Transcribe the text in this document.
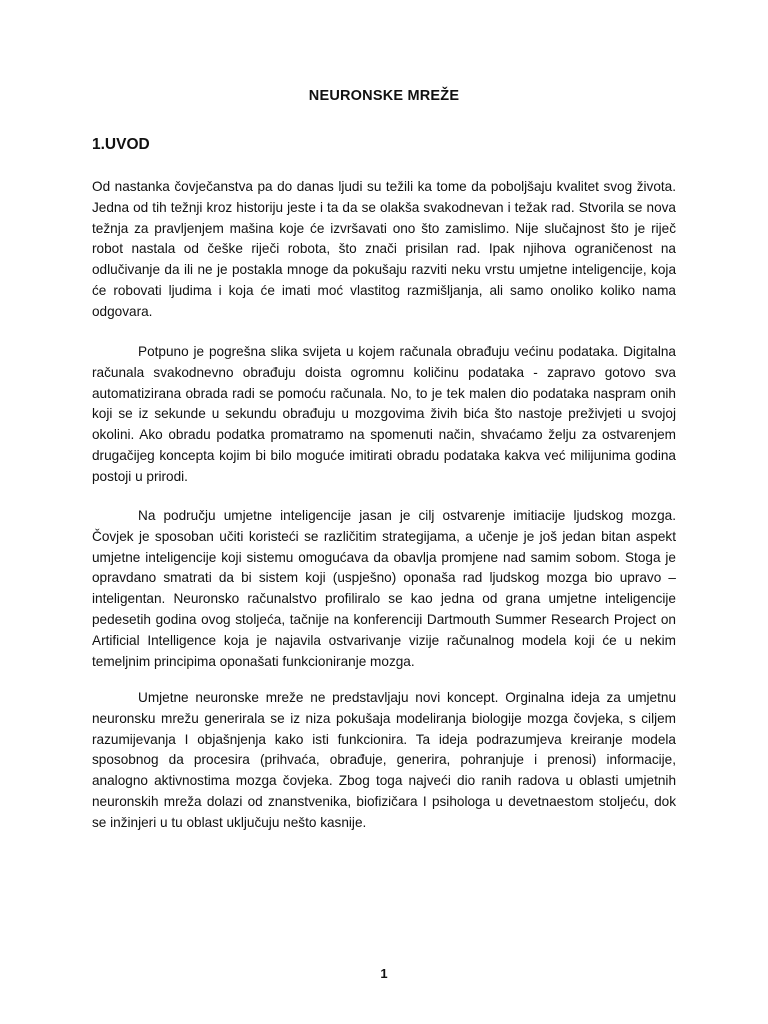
NEURONSKE MREŽE
1.UVOD

Od nastanka čovječanstva pa do danas ljudi su težili ka tome da poboljšaju kvalitet svog života. Jedna od tih težnji kroz historiju jeste i ta da se olakša svakodnevan i težak rad. Stvorila se nova težnja za pravljenjem mašina koje će izvršavati ono što zamislimo. Nije slučajnost što je riječ robot nastala od češke riječi robota, što znači prisilan rad. Ipak njihova ograničenost na odlučivanje da ili ne je postakla mnoge da pokušaju razviti neku vrstu umjetne inteligencije, koja će robovati ljudima i koja će imati moć vlastitog razmišljanja, ali samo onoliko koliko nama odgovara.

Potpuno je pogrešna slika svijeta u kojem računala obrađuju većinu podataka. Digitalna računala svakodnevno obrađuju doista ogromnu količinu podataka - zapravo gotovo sva automatizirana obrada radi se pomoću računala. No, to je tek malen dio podataka naspram onih koji se iz sekunde u sekundu obrađuju u mozgovima živih bića što nastoje preživjeti u svojoj okolini. Ako obradu podatka promatramo na spomenuti način, shvaćamo želju za ostvarenjem drugačijeg koncepta kojim bi bilo moguće imitirati obradu podataka kakva već milijunima godina postoji u prirodi.

Na području umjetne inteligencije jasan je cilj ostvarenje imitiacije ljudskog mozga. Čovjek je sposoban učiti koristeći se različitim strategijama, a učenje je još jedan bitan aspekt umjetne inteligencije koji sistemu omogućava da obavlja promjene nad samim sobom. Stoga je opravdano smatrati da bi sistem koji (uspješno) oponaša rad ljudskog mozga bio upravo – inteligentan. Neuronsko računalstvo profiliralo se kao jedna od grana umjetne inteligencije pedesetih godina ovog stoljeća, tačnije na konferenciji Dartmouth Summer Research Project on Artificial Intelligence koja je najavila ostvarivanje vizije računalnog modela koji će u nekim temeljnim principima oponašati funkcioniranje mozga.

Umjetne neuronske mreže ne predstavljaju novi koncept. Orginalna ideja za umjetnu neuronsku mrežu generirala se iz niza pokušaja modeliranja biologije mozga čovjeka, s ciljem razumijevanja I objašnjenja kako isti funkcionira. Ta ideja podrazumjeva kreiranje modela sposobnog da procesira (prihvaća, obrađuje, generira, pohranjuje i prenosi) informacije, analogno aktivnostima mozga čovjeka. Zbog toga najveći dio ranih radova u oblasti umjetnih neuronskih mreža dolazi od znanstvenika, biofizičara I psihologa u devetnaestom stoljeću, dok se inžinjeri u tu oblast uključuju nešto kasnije.

1
